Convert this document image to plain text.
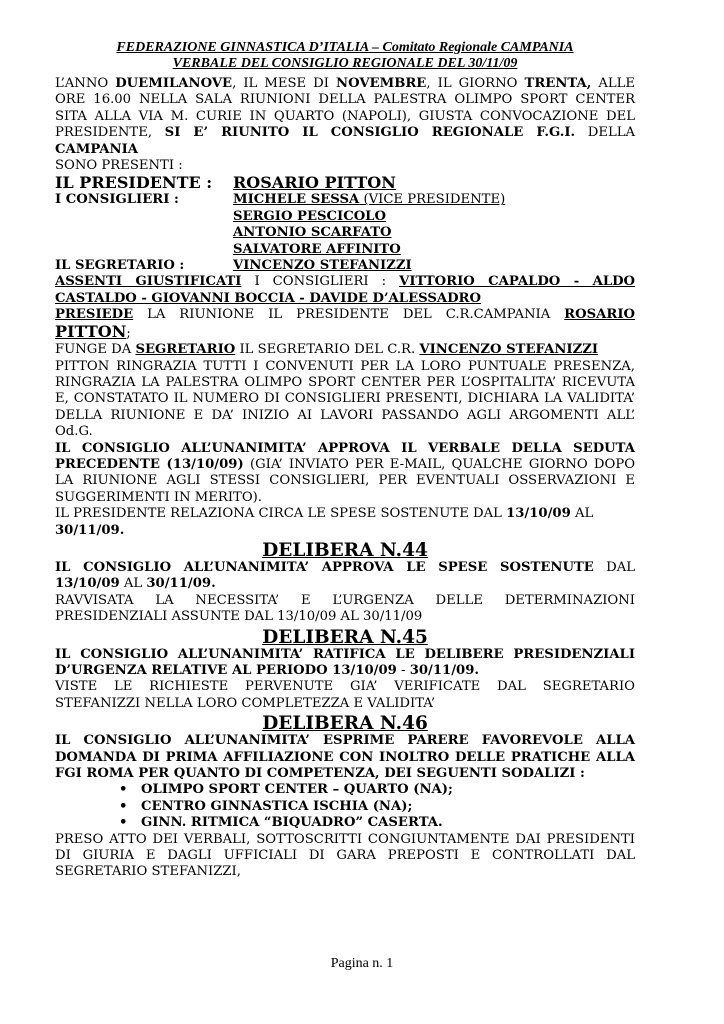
FEDERAZIONE GINNASTICA D’ITALIA – Comitato Regionale CAMPANIA
VERBALE DEL CONSIGLIO REGIONALE DEL 30/11/09

L’ANNO DUEMILANOVE, IL MESE DI NOVEMBRE, IL GIORNO TRENTA, ALLE ORE 16.00 NELLA SALA RIUNIONI DELLA PALESTRA OLIMPO SPORT CENTER SITA ALLA VIA M. CURIE IN QUARTO (NAPOLI), GIUSTA CONVOCAZIONE DEL PRESIDENTE, SI E’ RIUNITO IL CONSIGLIO REGIONALE F.G.I. DELLA CAMPANIA

SONO PRESENTI :

IL PRESIDENTE : ROSARIO PITTON
I CONSIGLIERI :	MICHELE SESSA (VICE PRESIDENTE)
SERGIO PESCICOLO
ANTONIO SCARFATO
SALVATORE AFFINITO
IL SEGRETARIO :	VINCENZO STEFANIZZI

ASSENTI GIUSTIFICATI I CONSIGLIERI : VITTORIO CAPALDO - ALDO CASTALDO - GIOVANNI BOCCIA - DAVIDE D’ALESSADRO

PRESIEDE LA RIUNIONE IL PRESIDENTE DEL C.R.CAMPANIA ROSARIO PITTON;

FUNGE DA SEGRETARIO IL SEGRETARIO DEL C.R. VINCENZO STEFANIZZI

PITTON RINGRAZIA TUTTI I CONVENUTI PER LA LORO PUNTUALE PRESENZA, RINGRAZIA LA PALESTRA OLIMPO SPORT CENTER PER L’OSPITALITA’ RICEVUTA E, CONSTATATO IL NUMERO DI CONSIGLIERI PRESENTI, DICHIARA LA VALIDITA’ DELLA RIUNIONE E DA’ INIZIO AI LAVORI PASSANDO AGLI ARGOMENTI ALL’ Od.G.

IL CONSIGLIO ALL’UNANIMITA’ APPROVA IL VERBALE DELLA SEDUTA PRECEDENTE (13/10/09) (GIA’ INVIATO PER E-MAIL, QUALCHE GIORNO DOPO LA RIUNIONE AGLI STESSI CONSIGLIERI, PER EVENTUALI OSSERVAZIONI E SUGGERIMENTI IN MERITO).

IL PRESIDENTE RELAZIONA CIRCA LE SPESE SOSTENUTE DAL 13/10/09 AL 30/11/09.

DELIBERA N.44

IL CONSIGLIO ALL’UNANIMITA’ APPROVA LE SPESE SOSTENUTE DAL 13/10/09 AL 30/11/09.

RAVVISATA LA NECESSITA’ E L’URGENZA DELLE DETERMINAZIONI PRESIDENZIALI ASSUNTE DAL 13/10/09 AL 30/11/09

DELIBERA N.45

IL CONSIGLIO ALL’UNANIMITA’ RATIFICA LE DELIBERE PRESIDENZIALI D’URGENZA RELATIVE AL PERIODO 13/10/09 - 30/11/09.

VISTE LE RICHIESTE PERVENUTE GIA’ VERIFICATE DAL SEGRETARIO STEFANIZZI NELLA LORO COMPLETEZZA E VALIDITA’

DELIBERA N.46

IL CONSIGLIO ALL’UNANIMITA’ ESPRIME PARERE FAVOREVOLE ALLA DOMANDA DI PRIMA AFFILIAZIONE CON INOLTRO DELLE PRATICHE ALLA FGI ROMA PER QUANTO DI COMPETENZA, DEI SEGUENTI SODALIZI :

• OLIMPO SPORT CENTER – QUARTO (NA);
• CENTRO GINNASTICA ISCHIA (NA);
• GINN. RITMICA “BIQUADRO” CASERTA.

PRESO ATTO DEI VERBALI, SOTTOSCRITTI CONGIUNTAMENTE DAI PRESIDENTI DI GIURIA E DAGLI UFFICIALI DI GARA PREPOSTI E CONTROLLATI DAL SEGRETARIO STEFANIZZI,

Pagina n. 1
